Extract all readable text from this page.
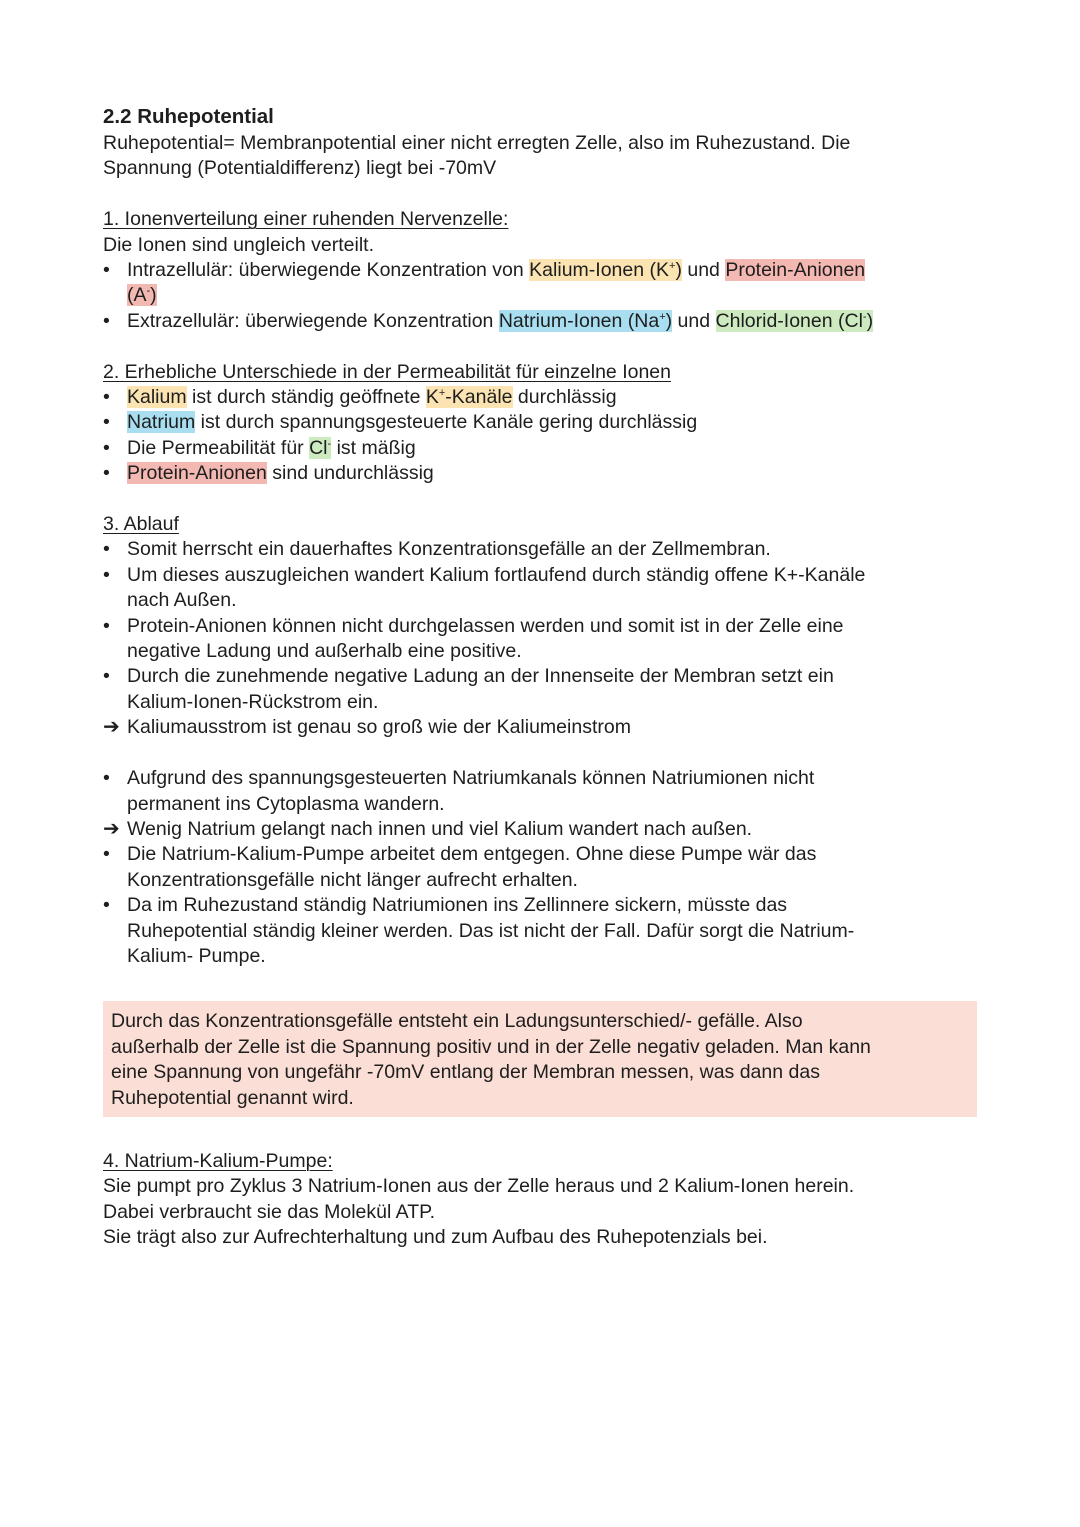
2.2 Ruhepotential

Ruhepotential= Membranpotential einer nicht erregten Zelle, also im Ruhezustand. Die

Spannung (Potentialdifferenz) liegt bei -70mV

1. Ionenverteilung einer ruhenden Nervenzelle:

Die Ionen sind ungleich verteilt.

• Intrazellulär: überwiegende Konzentration von Kalium-Ionen (K+) und Protein-Anionen
(A-)
• Extrazellulär: überwiegende Konzentration Natrium-Ionen (Na+) und Chlorid-Ionen (Cl-)

2. Erhebliche Unterschiede in der Permeabilität für einzelne Ionen

• Kalium ist durch ständig geöffnete K+-Kanäle durchlässig
• Natrium ist durch spannungsgesteuerte Kanäle gering durchlässig
• Die Permeabilität für Cl- ist mäßig
• Protein-Anionen sind undurchlässig

3. Ablauf

• Somit herrscht ein dauerhaftes Konzentrationsgefälle an der Zellmembran.
• Um dieses auszugleichen wandert Kalium fortlaufend durch ständig offene K+-Kanäle
nach Außen.
• Protein-Anionen können nicht durchgelassen werden und somit ist in der Zelle eine
negative Ladung und außerhalb eine positive.
• Durch die zunehmende negative Ladung an der Innenseite der Membran setzt ein
Kalium-Ionen-Rückstrom ein.
➔ Kaliumausstrom ist genau so groß wie der Kaliumeinstrom
• Aufgrund des spannungsgesteuerten Natriumkanals können Natriumionen nicht
permanent ins Cytoplasma wandern.
➔ Wenig Natrium gelangt nach innen und viel Kalium wandert nach außen.
• Die Natrium-Kalium-Pumpe arbeitet dem entgegen. Ohne diese Pumpe wär das
Konzentrationsgefälle nicht länger aufrecht erhalten.
• Da im Ruhezustand ständig Natriumionen ins Zellinnere sickern, müsste das
Ruhepotential ständig kleiner werden. Das ist nicht der Fall. Dafür sorgt die Natrium-
Kalium- Pumpe.

Durch das Konzentrationsgefälle entsteht ein Ladungsunterschied/- gefälle. Also

außerhalb der Zelle ist die Spannung positiv und in der Zelle negativ geladen. Man kann

eine Spannung von ungefähr -70mV entlang der Membran messen, was dann das

Ruhepotential genannt wird.

4. Natrium-Kalium-Pumpe:

Sie pumpt pro Zyklus 3 Natrium-Ionen aus der Zelle heraus und 2 Kalium-Ionen herein.

Dabei verbraucht sie das Molekül ATP.

Sie trägt also zur Aufrechterhaltung und zum Aufbau des Ruhepotenzials bei.
